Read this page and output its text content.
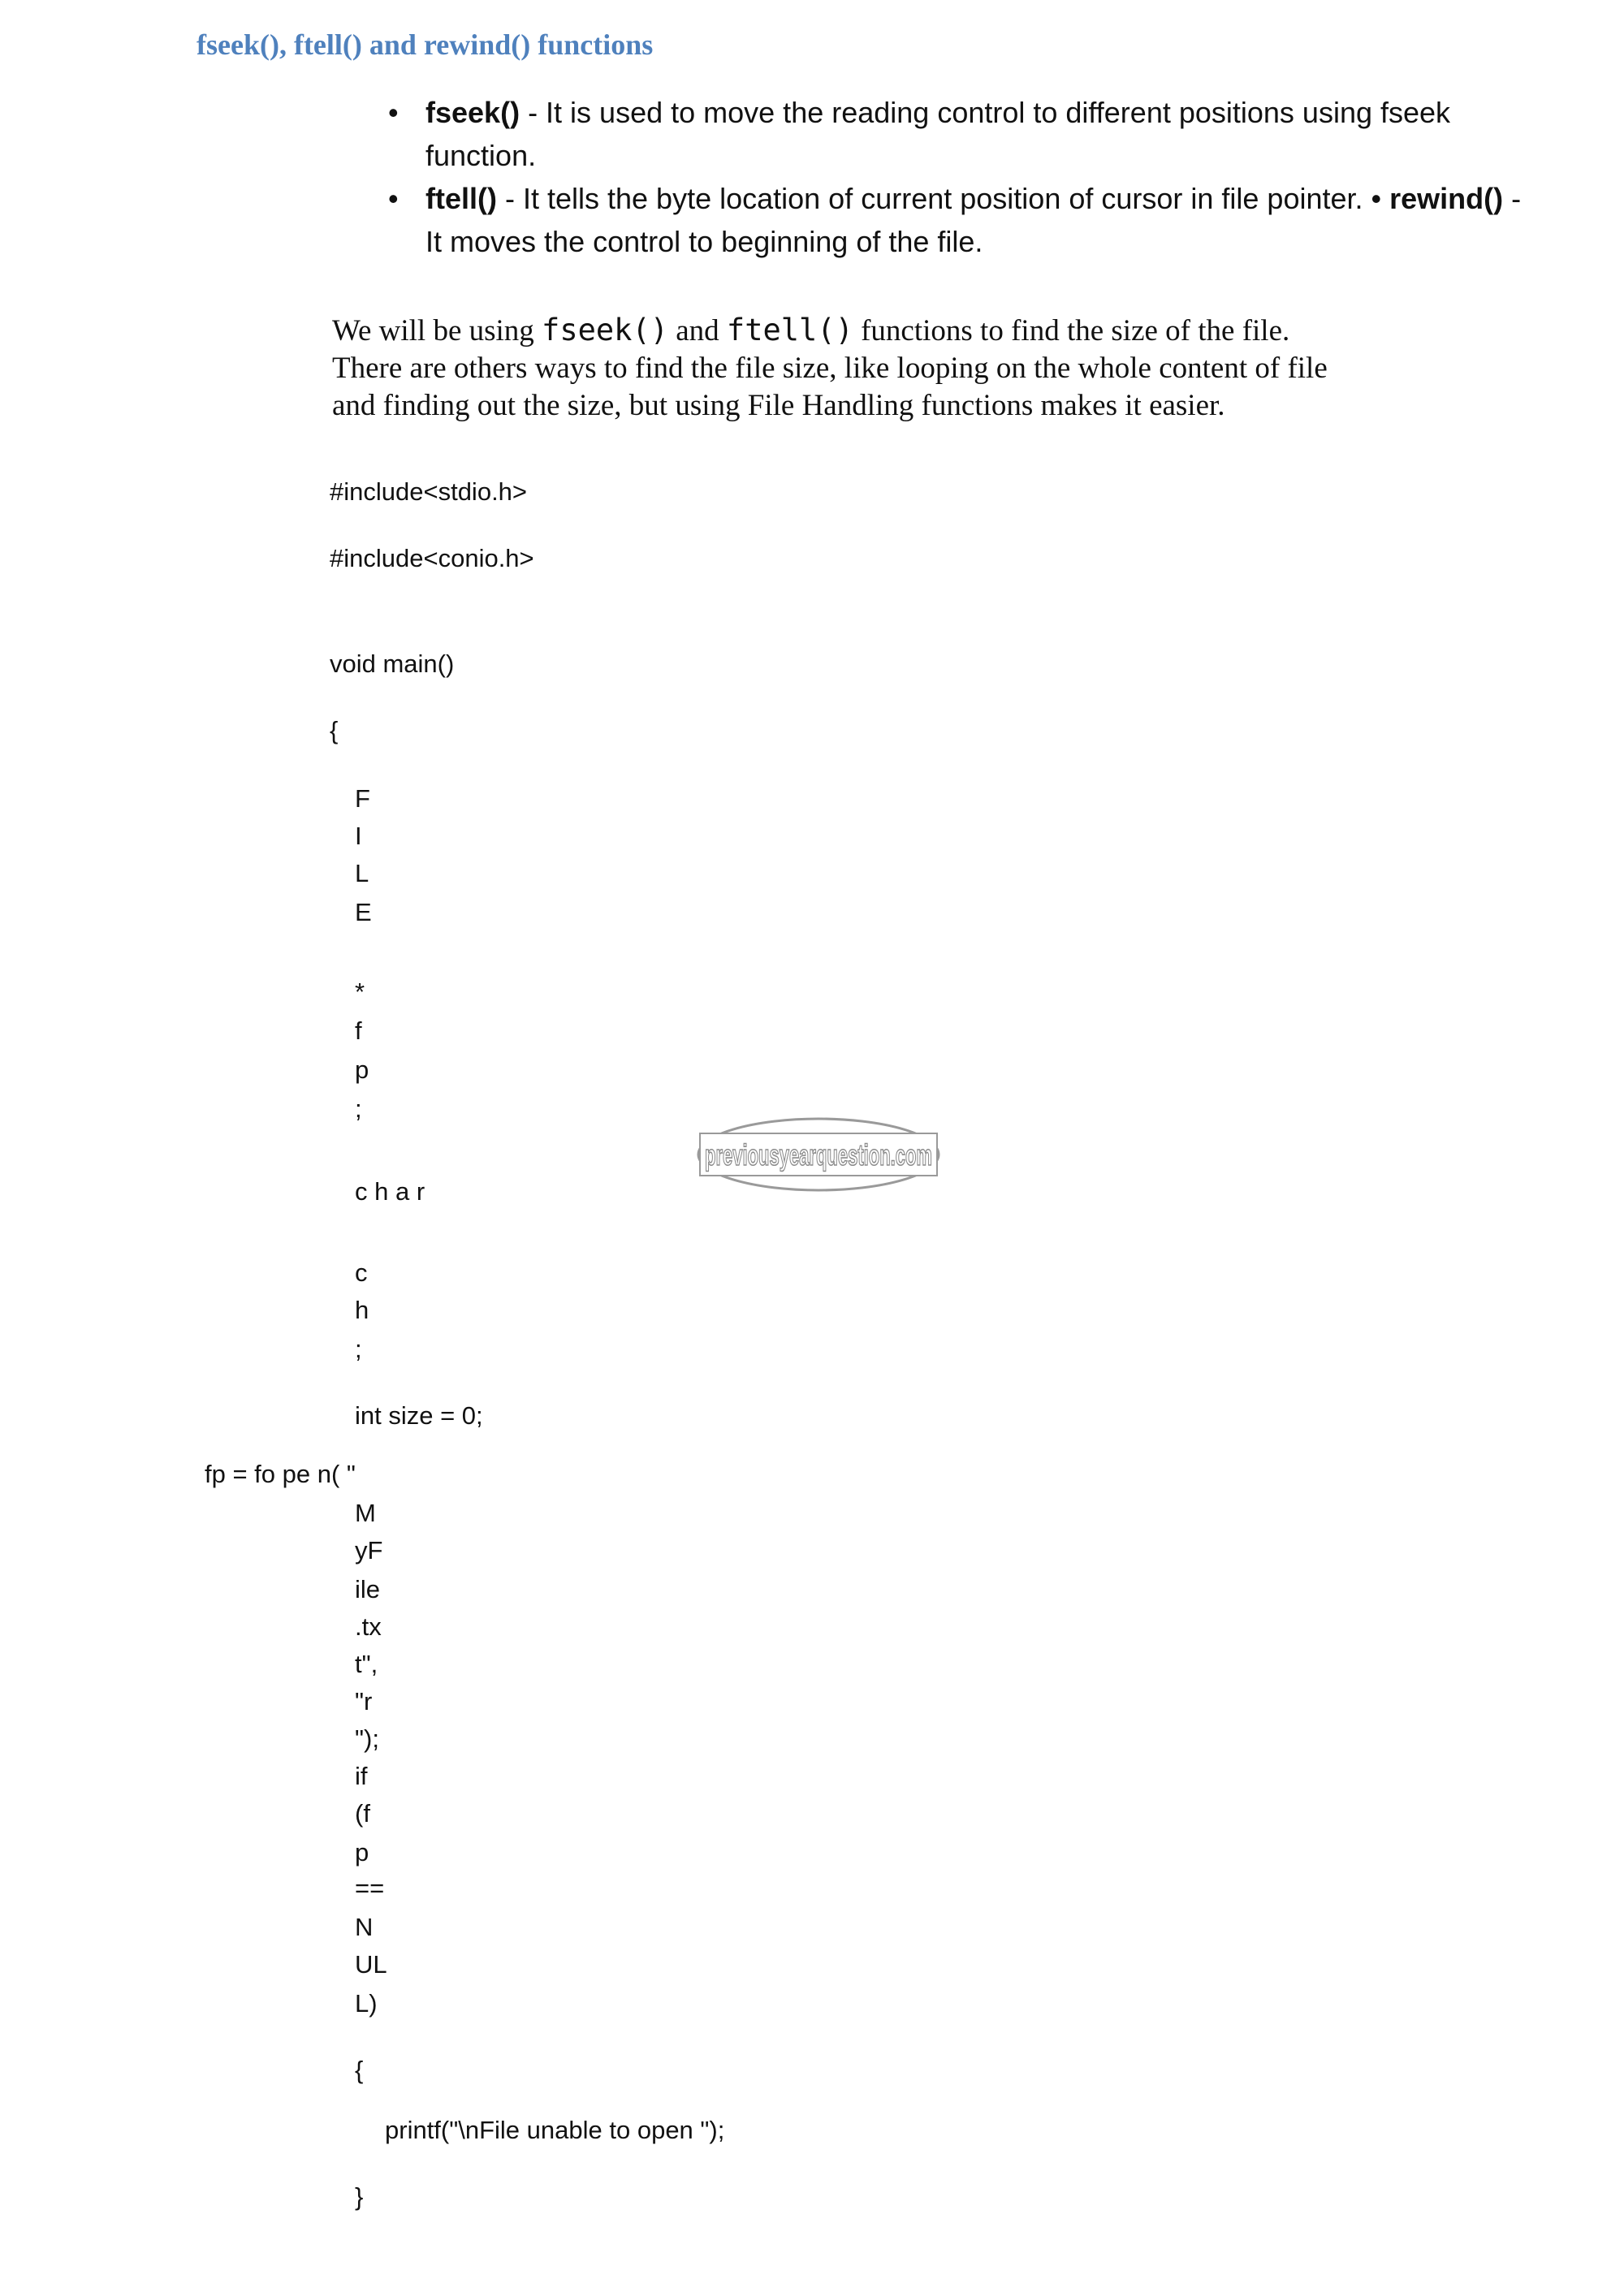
fseek(), ftell() and rewind() functions
• fseek() - It is used to move the reading control to different positions using fseek function.
• ftell() - It tells the byte location of current position of cursor in file pointer. • rewind() - It moves the control to beginning of the file.
We will be using fseek() and ftell() functions to find the size of the file. There are others ways to find the file size, like looping on the whole content of file and finding out the size, but using File Handling functions makes it easier.
#include<stdio.h>
#include<conio.h>
void main()
{
F
I
L
E
*
f
p
;
c h a r
c
h
;
int size = 0;
fp = fo pe n( "
M
yF
ile
.tx
t",
"r
");
if
(f
p
==
N
UL
L)
{
printf("\nFile unable to open ");
}
previousyearquestion.com
